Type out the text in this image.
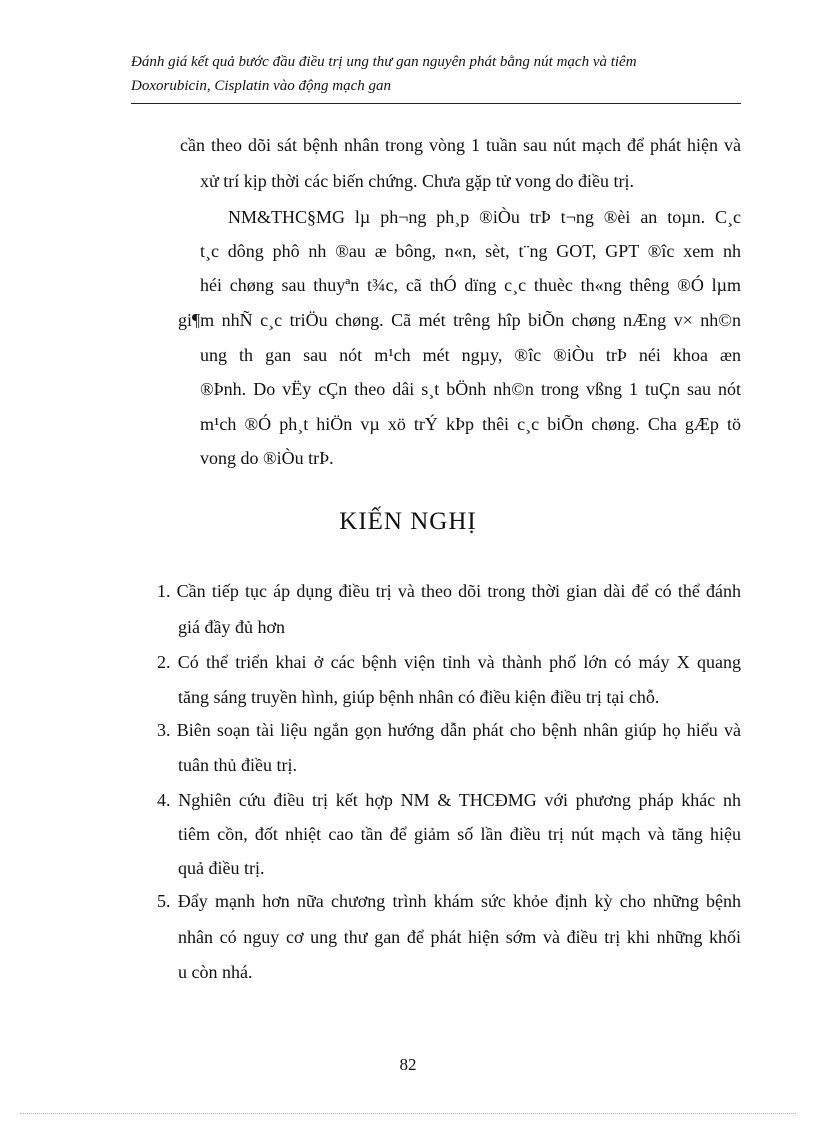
Đánh giá kết quả bước đầu điều trị ung thư gan nguyên phát bằng nút mạch và tiêm
Doxorubicin, Cisplatin vào động mạch gan
cần theo dõi sát bệnh nhân trong vòng 1 tuần sau nút mạch để phát hiện và
xử trí kịp thời các biến chứng. Chưa gặp tử vong do điều trị.
NM&THC§MG lµ ph¬ng ph¸p ®iÒu trÞ t¬ng ®èi an toµn. C¸c
t¸c dông phô nh ®au æ bông, n«n, sèt, t¨ng GOT, GPT ®îc xem nh
héi chøng sau thuyªn t¾c, cã thÓ dïng c¸c thuèc th«ng thêng ®Ó lµm
gi¶m nhÑ c¸c triÖu chøng. Cã mét trêng hîp biÕn chøng nÆng v× nh©n
ung th gan sau nót m¹ch mét ngµy, ®îc ®iÒu trÞ néi khoa æn
®Þnh. Do vËy cÇn theo dâi s¸t bÖnh nh©n trong vßng 1 tuÇn sau nót
m¹ch ®Ó ph¸t hiÖn vµ xö trÝ kÞp thêi c¸c biÕn chøng. Cha gÆp tö
vong do ®iÒu trÞ.
KIẾN NGHỊ
1. Cần tiếp tục áp dụng điều trị và theo dõi trong thời gian dài để có thể đánh
giá đầy đủ hơn
2. Có thể triển khai ở các bệnh viện tỉnh và thành phố lớn có máy X quang
tăng sáng truyền hình, giúp bệnh nhân có điều kiện điều trị tại chỗ.
3. Biên soạn tài liệu ngắn gọn hướng dẫn phát cho bệnh nhân giúp họ hiểu và
tuân thủ điều trị.
4. Nghiên cứu điều trị kết hợp NM & THCĐMG với phương pháp khác nh
tiêm cồn, đốt nhiệt cao tần để giảm số lần điều trị nút mạch và tăng hiệu
quả điều trị.
5. Đẩy mạnh hơn nữa chương trình khám sức khỏe định kỳ cho những bệnh
nhân có nguy cơ ung thư gan để phát hiện sớm và điều trị khi những khối
u còn nhá.
82
